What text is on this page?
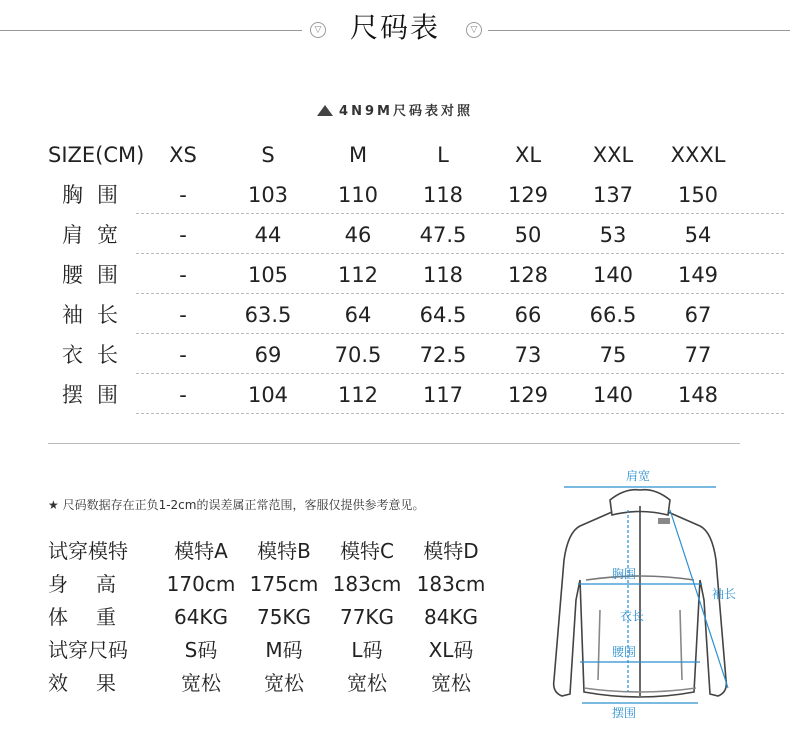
▽	尺码表	▽
4N9M尺码表对照
SIZE(CM)	XS	S	M	L	XL	XXL	XXXL
胸围	-	103	110	118	129	137	150
肩宽	-	44	46	47.5	50	53	54
腰围	-	105	112	118	128	140	149
袖长	-	63.5	64	64.5	66	66.5	67
衣长	-	69	70.5	72.5	73	75	77
摆围	-	104	112	117	129	140	148
★ 尺码数据存在正负1-2cm的误差属正常范围，客服仅提供参考意见。
试穿模特	模特A	模特B	模特C	模特D
身高	170cm 175cm 183cm 183cm
体重	64KG	75KG	77KG	84KG
试穿尺码	S码	M码	L码	XL码
效果	宽松	宽松	宽松	宽松
肩宽
胸围
衣长
腰围
摆围
袖长
